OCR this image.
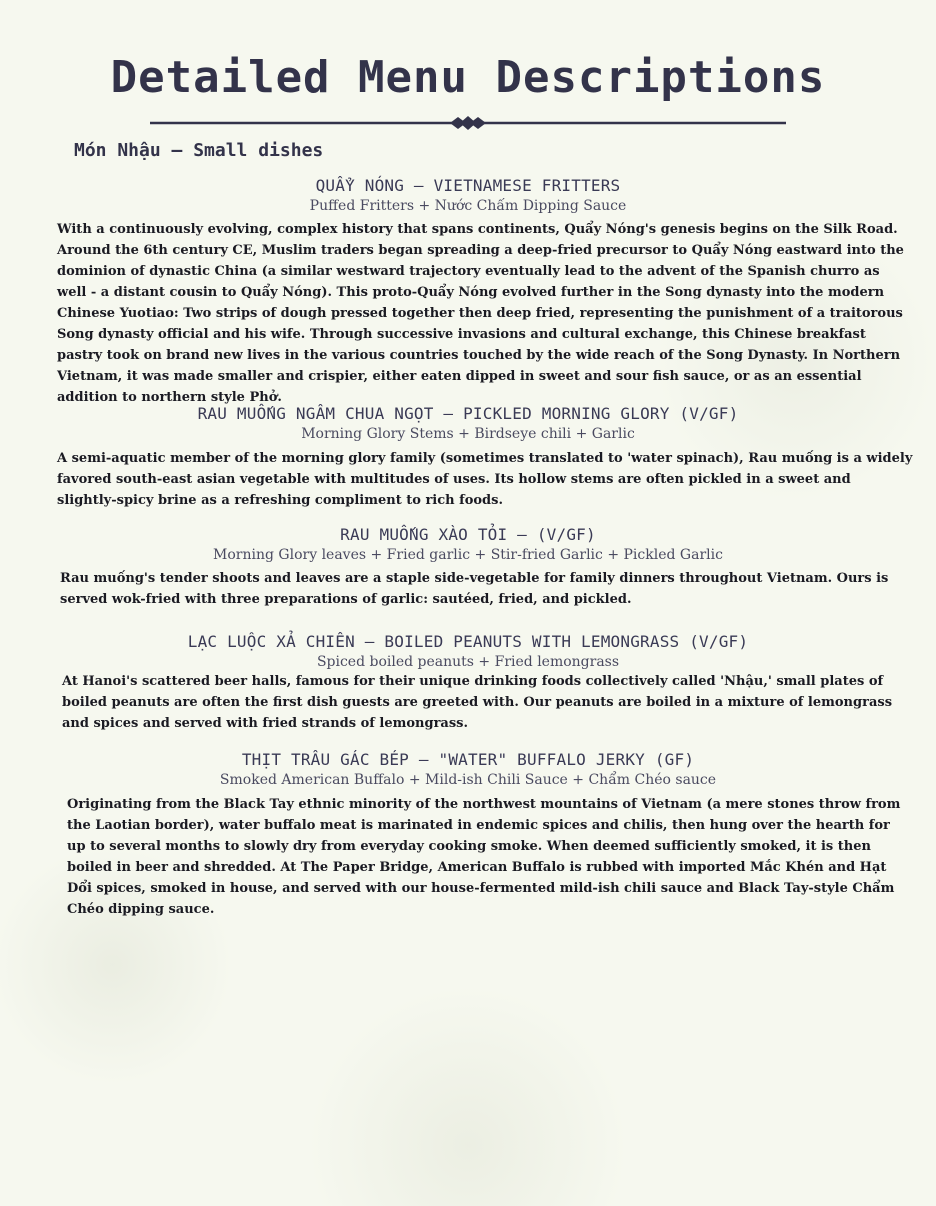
Detailed Menu Descriptions
Món Nhậu – Small dishes

QUẨY NÓNG – VIETNAMESE FRITTERS

Puffed Fritters + Nước Chấm Dipping Sauce

With a continuously evolving, complex history that spans continents, Quẩy Nóng's genesis begins on the Silk Road. Around the 6th century CE, Muslim traders began spreading a deep-fried precursor to Quẩy Nóng eastward into the dominion of dynastic China (a similar westward trajectory eventually lead to the advent of the Spanish churro as well - a distant cousin to Quẩy Nóng). This proto-Quẩy Nóng evolved further in the Song dynasty into the modern Chinese Yuotiao: Two strips of dough pressed together then deep fried, representing the punishment of a traitorous Song dynasty official and his wife. Through successive invasions and cultural exchange, this Chinese breakfast pastry took on brand new lives in the various countries touched by the wide reach of the Song Dynasty. In Northern Vietnam, it was made smaller and crispier, either eaten dipped in sweet and sour fish sauce, or as an essential addition to northern style Phở.

RAU MUỐNG NGÂM CHUA NGỌT – PICKLED MORNING GLORY (V/GF)

Morning Glory Stems + Birdseye chili + Garlic

A semi-aquatic member of the morning glory family (sometimes translated to 'water spinach), Rau muống is a widely favored south-east asian vegetable with multitudes of uses. Its hollow stems are often pickled in a sweet and slightly-spicy brine as a refreshing compliment to rich foods.

RAU MUỐNG XÀO TỎI – (V/GF)

Morning Glory leaves + Fried garlic + Stir-fried Garlic + Pickled Garlic

Rau muống's tender shoots and leaves are a staple side-vegetable for family dinners throughout Vietnam. Ours is served wok-fried with three preparations of garlic: sautéed, fried, and pickled.

LẠC LUỘC XẢ CHIÊN – BOILED PEANUTS WITH LEMONGRASS (V/GF)

Spiced boiled peanuts + Fried lemongrass

At Hanoi's scattered beer halls, famous for their unique drinking foods collectively called 'Nhậu,' small plates of boiled peanuts are often the first dish guests are greeted with. Our peanuts are boiled in a mixture of lemongrass and spices and served with fried strands of lemongrass.

THỊT TRÂU GÁC BÉP – "WATER" BUFFALO JERKY (GF)

Smoked American Buffalo + Mild-ish Chili Sauce + Chẩm Chéo sauce

Originating from the Black Tay ethnic minority of the northwest mountains of Vietnam (a mere stones throw from the Laotian border), water buffalo meat is marinated in endemic spices and chilis, then hung over the hearth for up to several months to slowly dry from everyday cooking smoke. When deemed sufficiently smoked, it is then boiled in beer and shredded. At The Paper Bridge, American Buffalo is rubbed with imported Mắc Khén and Hạt Dổi spices, smoked in house, and served with our house-fermented mild-ish chili sauce and Black Tay-style Chẩm Chéo dipping sauce.
